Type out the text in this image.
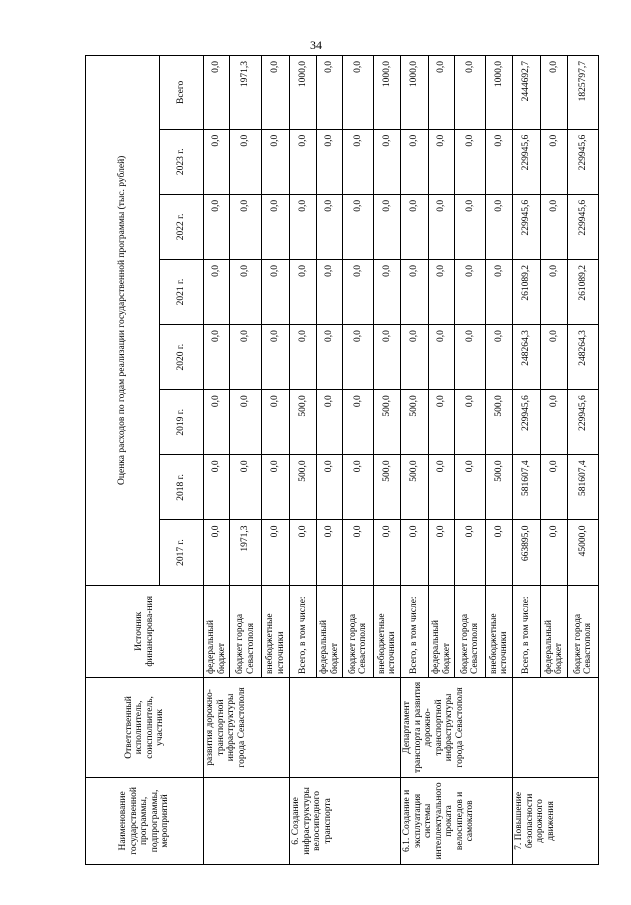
34
Наименование государственной программы, подпрограммы, мероприятий	Ответственный исполнитель, соисполнитель, участник	Источник финансирова-ния	Оценка расходов по годам реализации государственной программы (тыс. рублей)							
			2017 г.	2018 г.	2019 г.	2020 г.	2021 г.	2022 г.	2023 г.	Всего
	развития дорожно-транспортной инфраструктуры города Севастополя	федеральный бюджет	0,0	0,0	0,0	0,0	0,0	0,0	0,0	0,0
		бюджет города Севастополя	1971,3	0,0	0,0	0,0	0,0	0,0	0,0	1971,3
		внебюджетные источники	0,0	0,0	0,0	0,0	0,0	0,0	0,0	0,0
6. Создание инфраструктуры велосипедного транспорта		Всего, в том числе:	0,0	500,0	500,0	0,0	0,0	0,0	0,0	1000,0
		федеральный бюджет	0,0	0,0	0,0	0,0	0,0	0,0	0,0	0,0
		бюджет города Севастополя	0,0	0,0	0,0	0,0	0,0	0,0	0,0	0,0
		внебюджетные источники	0,0	500,0	500,0	0,0	0,0	0,0	0,0	1000,0
6.1. Создание и эксплуатация системы интеллектуального проката велосипедов и самокатов	Департамент транспорта и развития дорожно-транспортной инфраструктуры города Севастополя	Всего, в том числе:	0,0	500,0	500,0	0,0	0,0	0,0	0,0	1000,0
		федеральный бюджет	0,0	0,0	0,0	0,0	0,0	0,0	0,0	0,0
		бюджет города Севастополя	0,0	0,0	0,0	0,0	0,0	0,0	0,0	0,0
		внебюджетные источники	0,0	500,0	500,0	0,0	0,0	0,0	0,0	1000,0
7. Повышение безопасности дорожного движения		Всего, в том числе:	663895,0	581607,4	229945,6	248264,3	261089,2	229945,6	229945,6	2444692,7
		федеральный бюджет	0,0	0,0	0,0	0,0	0,0	0,0	0,0	0,0
		бюджет города Севастополя	45000,0	581607,4	229945,6	248264,3	261089,2	229945,6	229945,6	1825797,7
